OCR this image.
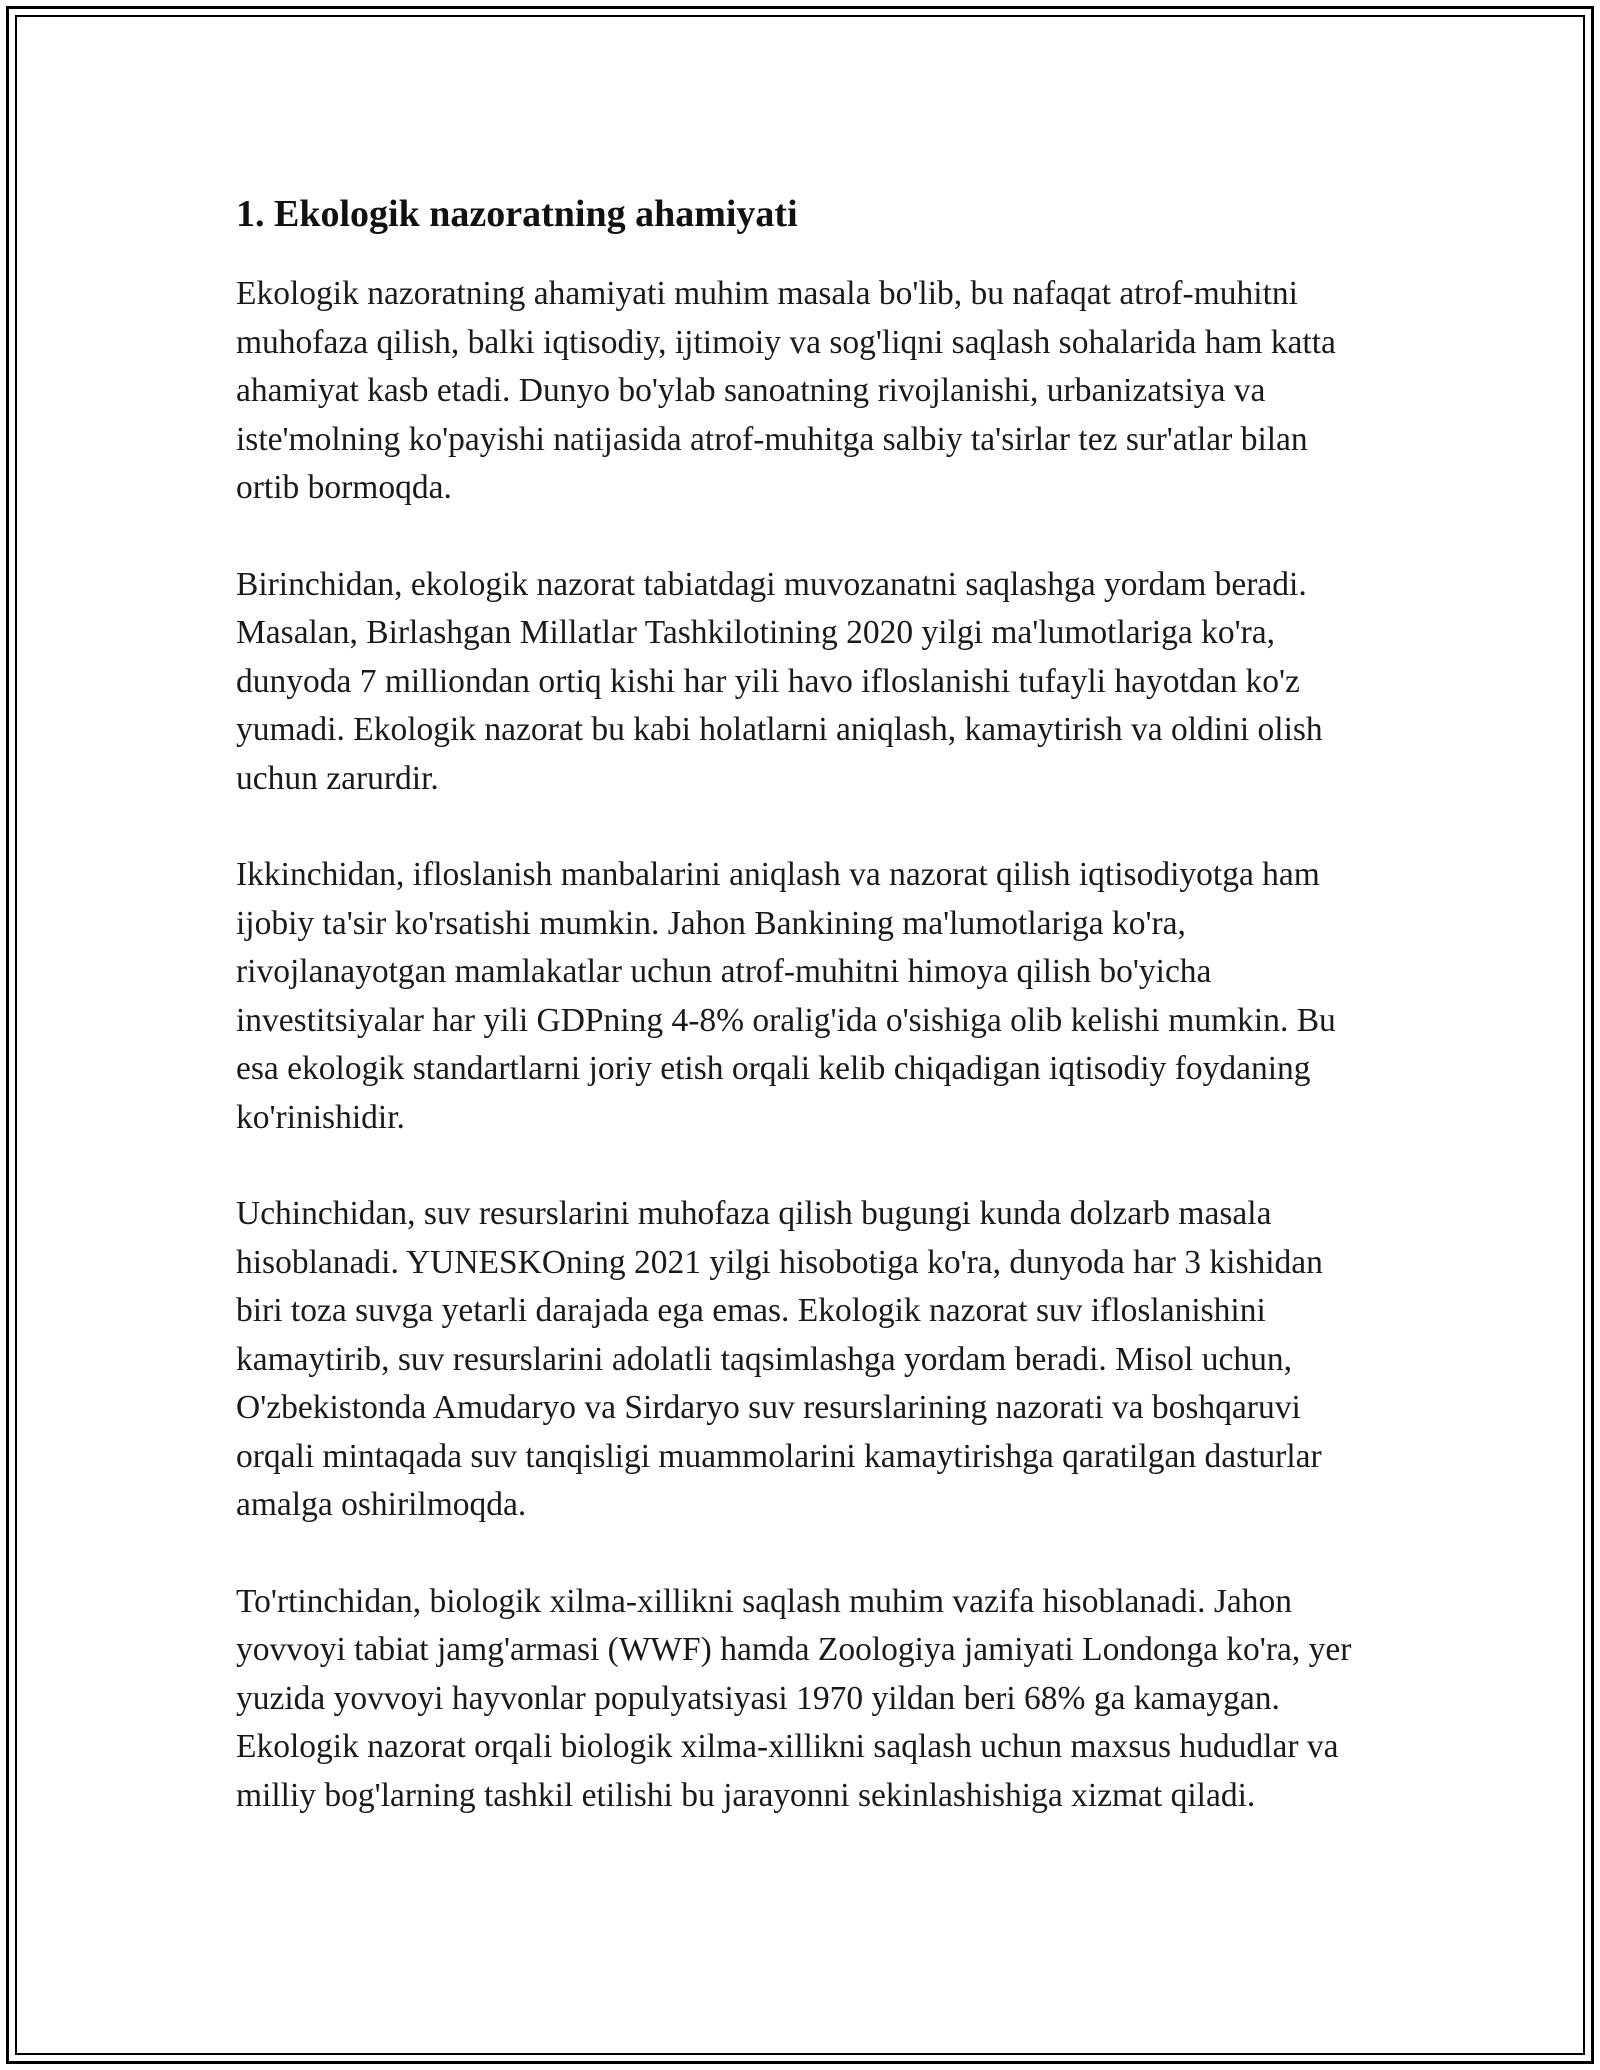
1. Ekologik nazoratning ahamiyati

Ekologik nazoratning ahamiyati muhim masala bo'lib, bu nafaqat atrof-muhitni muhofaza qilish, balki iqtisodiy, ijtimoiy va sog'liqni saqlash sohalarida ham katta ahamiyat kasb etadi. Dunyo bo'ylab sanoatning rivojlanishi, urbanizatsiya va iste'molning ko'payishi natijasida atrof-muhitga salbiy ta'sirlar tez sur'atlar bilan ortib bormoqda.

Birinchidan, ekologik nazorat tabiatdagi muvozanatni saqlashga yordam beradi. Masalan, Birlashgan Millatlar Tashkilotining 2020 yilgi ma'lumotlariga ko'ra, dunyoda 7 milliondan ortiq kishi har yili havo ifloslanishi tufayli hayotdan ko'z yumadi. Ekologik nazorat bu kabi holatlarni aniqlash, kamaytirish va oldini olish uchun zarurdir.

Ikkinchidan, ifloslanish manbalarini aniqlash va nazorat qilish iqtisodiyotga ham ijobiy ta'sir ko'rsatishi mumkin. Jahon Bankining ma'lumotlariga ko'ra, rivojlanayotgan mamlakatlar uchun atrof-muhitni himoya qilish bo'yicha investitsiyalar har yili GDPning 4-8% oralig'ida o'sishiga olib kelishi mumkin. Bu esa ekologik standartlarni joriy etish orqali kelib chiqadigan iqtisodiy foydaning ko'rinishidir.

Uchinchidan, suv resurslarini muhofaza qilish bugungi kunda dolzarb masala hisoblanadi. YUNESKOning 2021 yilgi hisobotiga ko'ra, dunyoda har 3 kishidan biri toza suvga yetarli darajada ega emas. Ekologik nazorat suv ifloslanishini kamaytirib, suv resurslarini adolatli taqsimlashga yordam beradi. Misol uchun, O'zbekistonda Amudaryo va Sirdaryo suv resurslarining nazorati va boshqaruvi orqali mintaqada suv tanqisligi muammolarini kamaytirishga qaratilgan dasturlar amalga oshirilmoqda.

To'rtinchidan, biologik xilma-xillikni saqlash muhim vazifa hisoblanadi. Jahon yovvoyi tabiat jamg'armasi (WWF) hamda Zoologiya jamiyati Londonga ko'ra, yer yuzida yovvoyi hayvonlar populyatsiyasi 1970 yildan beri 68% ga kamaygan. Ekologik nazorat orqali biologik xilma-xillikni saqlash uchun maxsus hududlar va milliy bog'larning tashkil etilishi bu jarayonni sekinlashishiga xizmat qiladi.
